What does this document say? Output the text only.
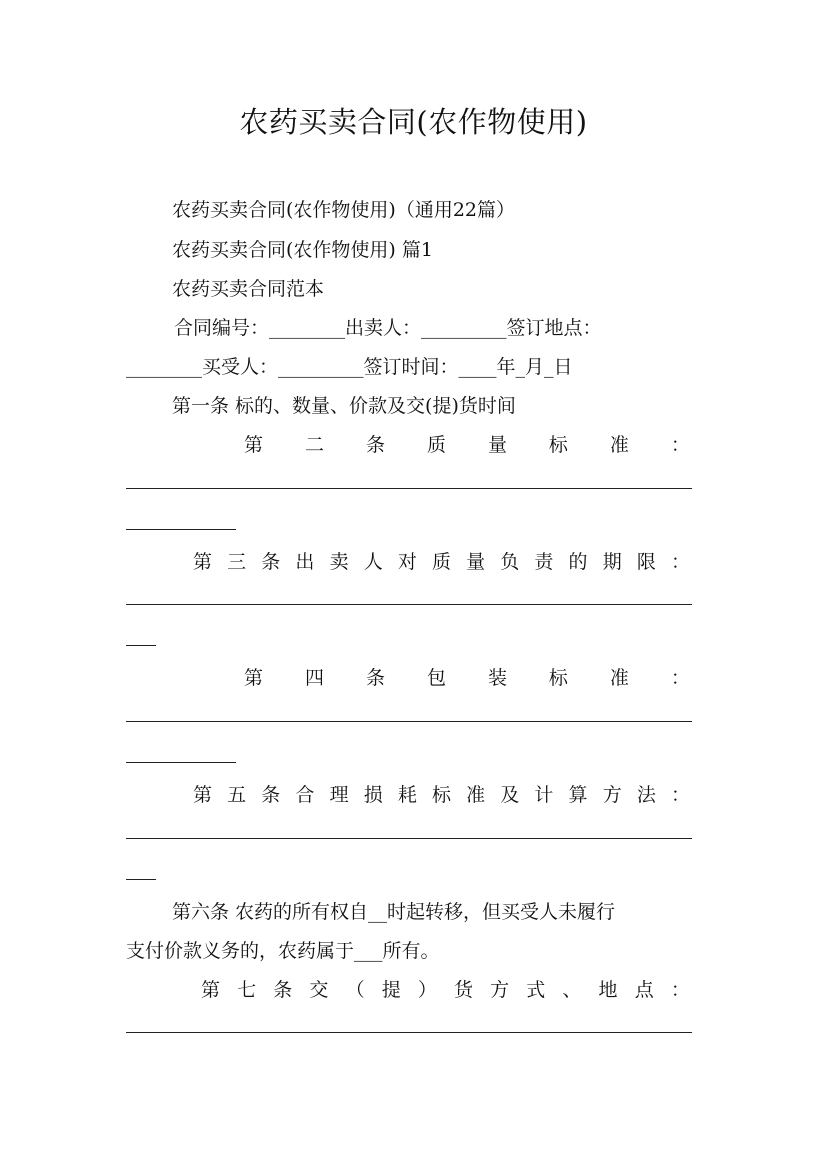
农药买卖合同(农作物使用)
农药买卖合同(农作物使用)（通用22篇）
农药买卖合同(农作物使用) 篇1
农药买卖合同范本
合同编号：________出卖人：_________签订地点：
________买受人：_________签订时间：____年_月_日
第一条 标的、数量、价款及交(提)货时间
第 二 条 质 量 标 准 ：
第 三 条 出 卖 人 对 质 量 负 责 的 期 限 ：
第 四 条 包 装 标 准 ：
第 五 条 合 理 损 耗 标 准 及 计 算 方 法 ：
第六条 农药的所有权自__时起转移，但买受人未履行
支付价款义务的，农药属于___所有。
第 七 条 交 （ 提 ） 货 方 式 、 地 点 ：
